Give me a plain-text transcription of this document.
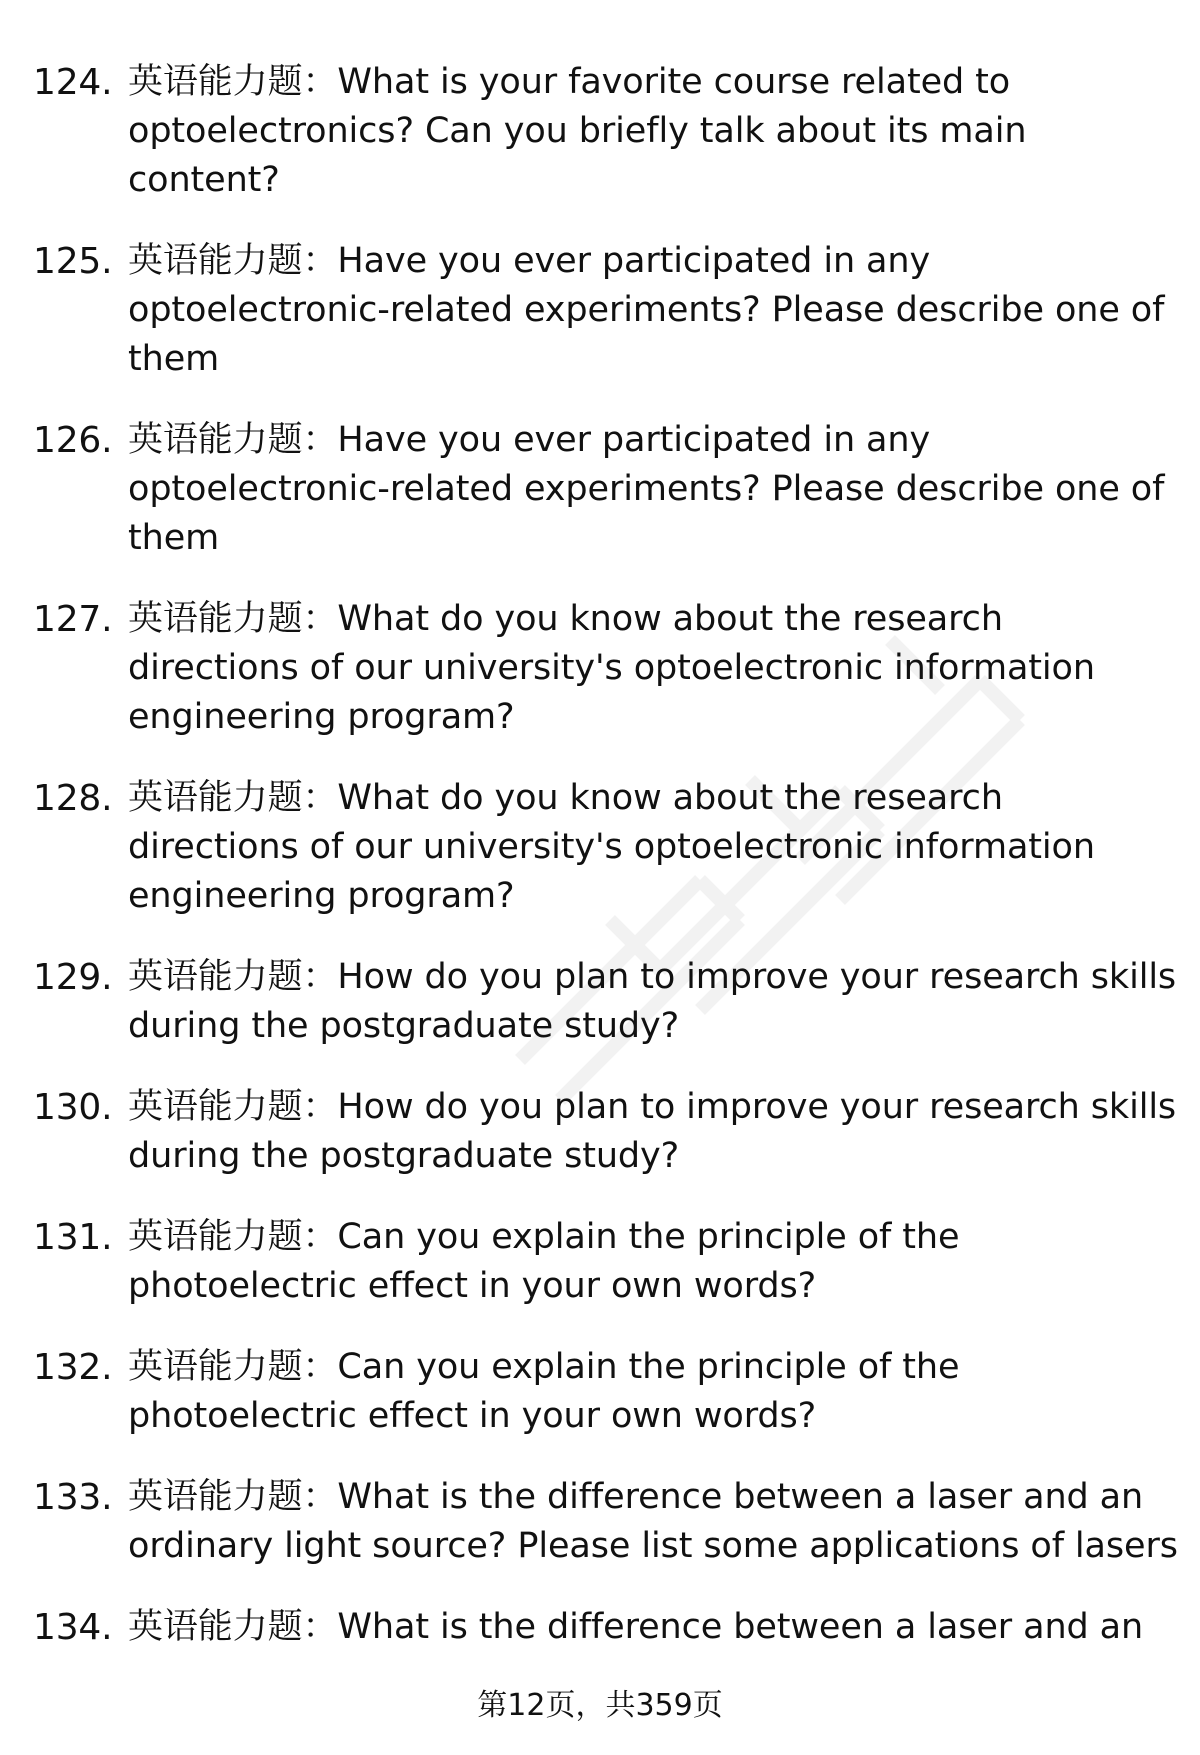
124. 英语能力题：What is your favorite course related to optoelectronics? Can you briefly talk about its main content?
125. 英语能力题：Have you ever participated in any optoelectronic-related experiments? Please describe one of them
126. 英语能力题：Have you ever participated in any optoelectronic-related experiments? Please describe one of them
127. 英语能力题：What do you know about the research directions of our university's optoelectronic information engineering program?
128. 英语能力题：What do you know about the research directions of our university's optoelectronic information engineering program?
129. 英语能力题：How do you plan to improve your research skills during the postgraduate study?
130. 英语能力题：How do you plan to improve your research skills during the postgraduate study?
131. 英语能力题：Can you explain the principle of the photoelectric effect in your own words?
132. 英语能力题：Can you explain the principle of the photoelectric effect in your own words?
133. 英语能力题：What is the difference between a laser and an ordinary light source? Please list some applications of lasers
134. 英语能力题：What is the difference between a laser and an
第12页，共359页
